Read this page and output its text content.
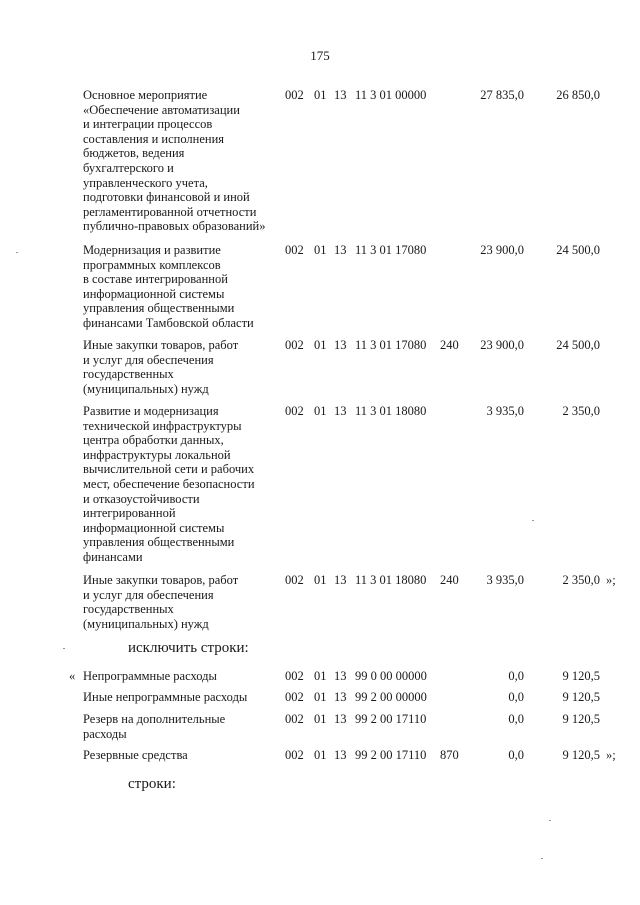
175
Основное мероприятие
«Обеспечение автоматизации
и интеграции процессов
составления и исполнения
бюджетов, ведения
бухгалтерского и
управленческого учета,
подготовки финансовой и иной
регламентированной отчетности
публично-правовых образований»
002 01 13 11 3 01 00000	27 835,0	26 850,0
Модернизация и развитие
программных комплексов
в составе интегрированной
информационной системы
управления общественными
финансами Тамбовской области
002 01 13 11 3 01 17080	23 900,0	24 500,0
Иные закупки товаров, работ
и услуг для обеспечения
государственных
(муниципальных) нужд
002 01 13 11 3 01 17080 240 23 900,0	24 500,0
Развитие и модернизация
технической инфраструктуры
центра обработки данных,
инфраструктуры локальной
вычислительной сети и рабочих
мест, обеспечение безопасности
и отказоустойчивости
интегрированной
информационной системы
управления общественными
финансами
002 01 13 11 3 01 18080	3 935,0	2 350,0
Иные закупки товаров, работ
и услуг для обеспечения
государственных
(муниципальных) нужд
002 01 13 11 3 01 18080 240 3 935,0	2 350,0 »;
исключить строки:
« Непрограммные расходы	002 01 13 99 0 00 00000	0,0	9 120,5
Иные непрограммные расходы	002 01 13 99 2 00 00000	0,0	9 120,5
Резерв на дополнительные
расходы
002 01 13 99 2 00 17110	0,0	9 120,5
Резервные средства	002 01 13 99 2 00 17110 870	0,0	9 120,5 »;
строки:
